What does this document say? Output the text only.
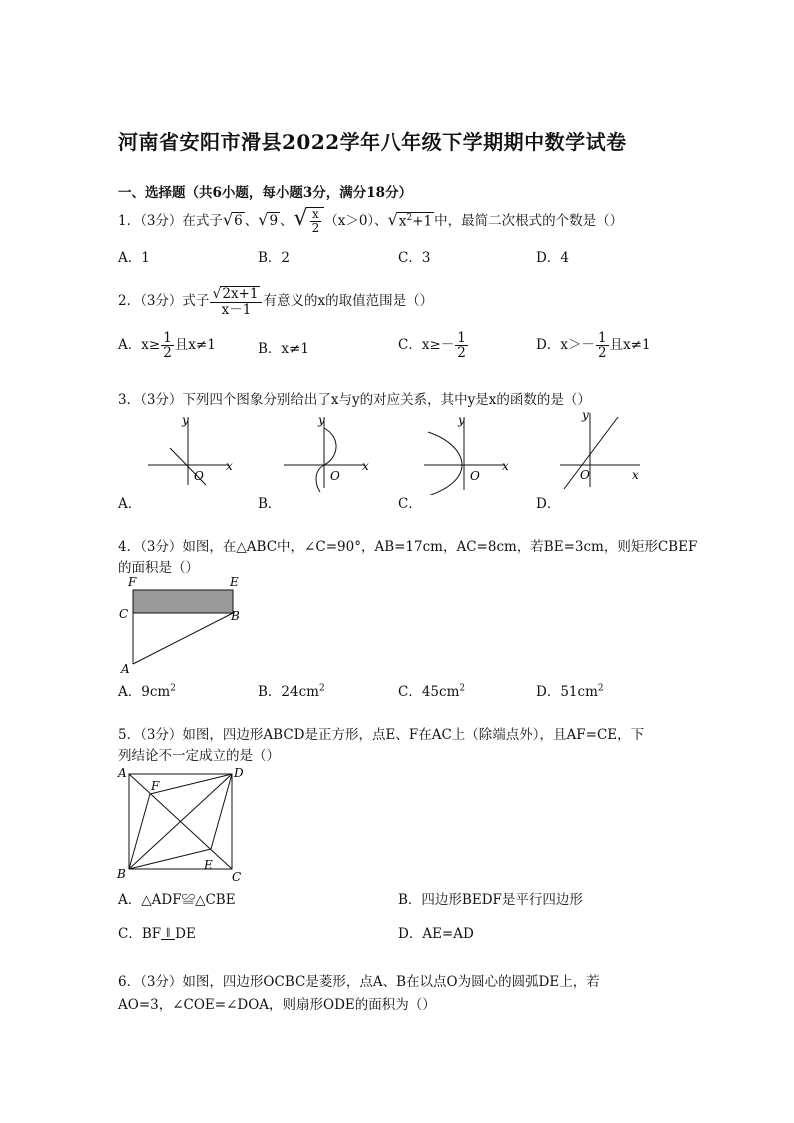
河南省安阳市滑县2022学年八年级下学期期中数学试卷
一、选择题（共6小题，每小题3分，满分18分）
1．（3分）在式子√6 、√9 、√ $\frac{x}{2} (x>0)$、$√x^2+1$ 中，最简二次根式的个数是（）
A．1	B．2	C．3	D．4
2．（3分）式子 $\frac{√2x+1}{x-1}$ 有意义的x的取值范围是（）
A．$x\ge \frac{1}{2}$ 且x≠1	B．x≠1	C．$x\ge- \frac{1}{2}$	D．$x>- \frac{1}{2}$ 且x≠1
3．（3分）下列四个图象分别给出了x与y的对应关系，其中y是x的函数的是（）
x
y
O
x
y
O
x
y
O	x
y
O
A．	B．	C．	D．
4．（3分）如图，在△ABC中，∠C=90°，AB=17cm，AC=8cm，若BE=3cm，则矩形CBEF
的面积是（）
F	E
C	B
A
A．$9cm^2$	B．$24cm^2$	C．$45cm^2$	D．$51cm^2$
5．（3分）如图，四边形ABCD是正方形，点E、F在AC上（除端点外），且AF=CE，下
列结论不一定成立的是（）
A	D
F
B
E
C
A．△ADF≌△CBE	B．四边形BEDF是平行四边形
C．BF ∥ DE	D．AE=AD
6．（3分）如图，四边形OCBC是菱形，点A、B在以点O为圆心的圆弧DE上，若
AO=3，∠COE=∠DOA，则扇形ODE的面积为（）
